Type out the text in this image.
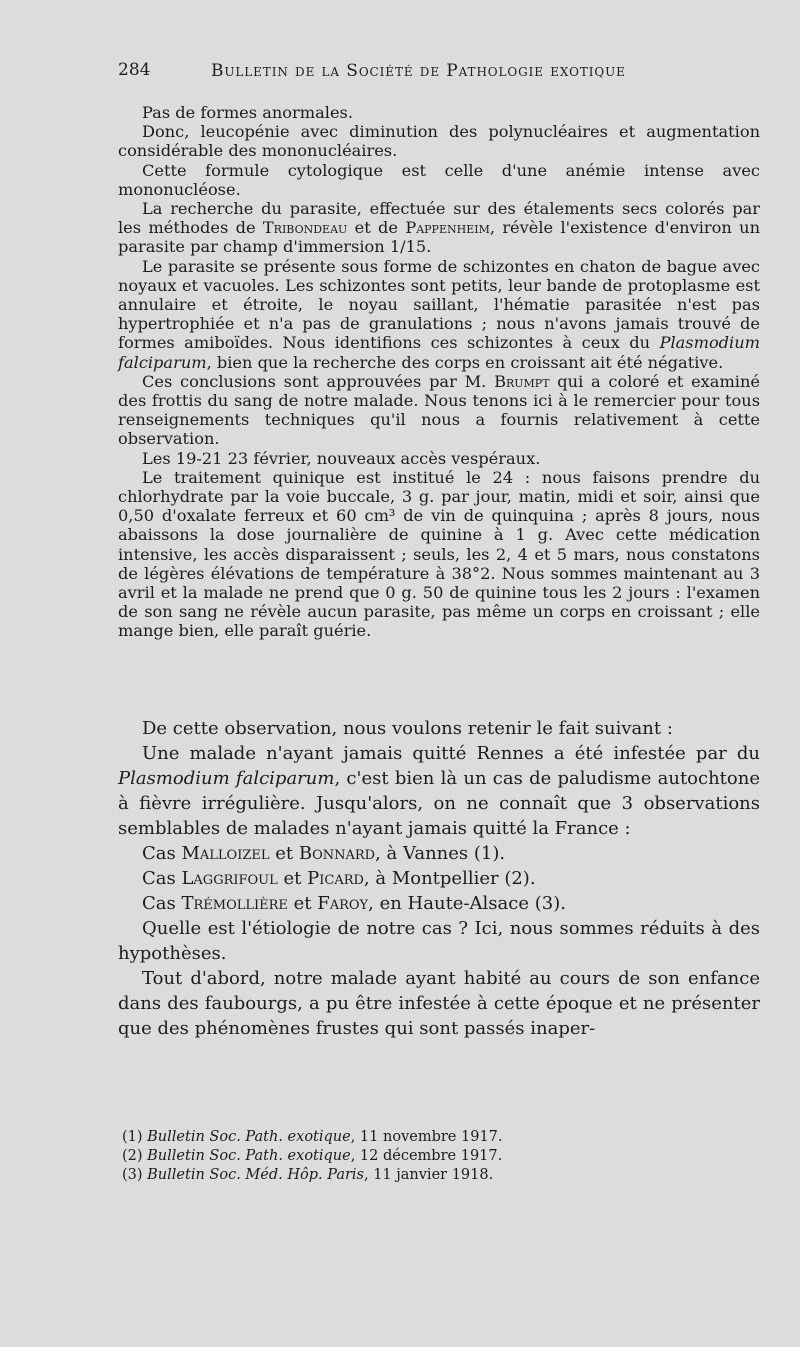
284	Bulletin de la Société de Pathologie exotique

Pas de formes anormales.

Donc, leucopénie avec diminution des polynucléaires et augmentation considérable des mononucléaires.

Cette formule cytologique est celle d'une anémie intense avec mononucléose.

La recherche du parasite, effectuée sur des étalements secs colorés par les méthodes de Tribondeau et de Pappenheim, révèle l'existence d'environ un parasite par champ d'immersion 1/15.

Le parasite se présente sous forme de schizontes en chaton de bague avec noyaux et vacuoles. Les schizontes sont petits, leur bande de protoplasme est annulaire et étroite, le noyau saillant, l'hématie parasitée n'est pas hypertrophiée et n'a pas de granulations ; nous n'avons jamais trouvé de formes amiboïdes. Nous identifions ces schizontes à ceux du Plasmodium falciparum, bien que la recherche des corps en croissant ait été négative.

Ces conclusions sont approuvées par M. Brumpt qui a coloré et examiné des frottis du sang de notre malade. Nous tenons ici à le remercier pour tous renseignements techniques qu'il nous a fournis relativement à cette observation.

Les 19-21 23 février, nouveaux accès vespéraux.

Le traitement quinique est institué le 24 : nous faisons prendre du chlorhydrate par la voie buccale, 3 g. par jour, matin, midi et soir, ainsi que 0,50 d'oxalate ferreux et 60 cm³ de vin de quinquina ; après 8 jours, nous abaissons la dose journalière de quinine à 1 g. Avec cette médication intensive, les accès disparaissent ; seuls, les 2, 4 et 5 mars, nous constatons de légères élévations de température à 38°2. Nous sommes maintenant au 3 avril et la malade ne prend que 0 g. 50 de quinine tous les 2 jours : l'examen de son sang ne révèle aucun parasite, pas même un corps en croissant ; elle mange bien, elle paraît guérie.

De cette observation, nous voulons retenir le fait suivant :

Une malade n'ayant jamais quitté Rennes a été infestée par du Plasmodium falciparum, c'est bien là un cas de paludisme autochtone à fièvre irrégulière. Jusqu'alors, on ne connaît que 3 observations semblables de malades n'ayant jamais quitté la France :

Cas Malloizel et Bonnard, à Vannes (1).

Cas Laggrifoul et Picard, à Montpellier (2).

Cas Trémollière et Faroy, en Haute-Alsace (3).

Quelle est l'étiologie de notre cas ? Ici, nous sommes réduits à des hypothèses.

Tout d'abord, notre malade ayant habité au cours de son enfance dans des faubourgs, a pu être infestée à cette époque et ne présenter que des phénomènes frustes qui sont passés inaper-

(1) Bulletin Soc. Path. exotique, 11 novembre 1917.
(2) Bulletin Soc. Path. exotique, 12 décembre 1917.
(3) Bulletin Soc. Méd. Hôp. Paris, 11 janvier 1918.
